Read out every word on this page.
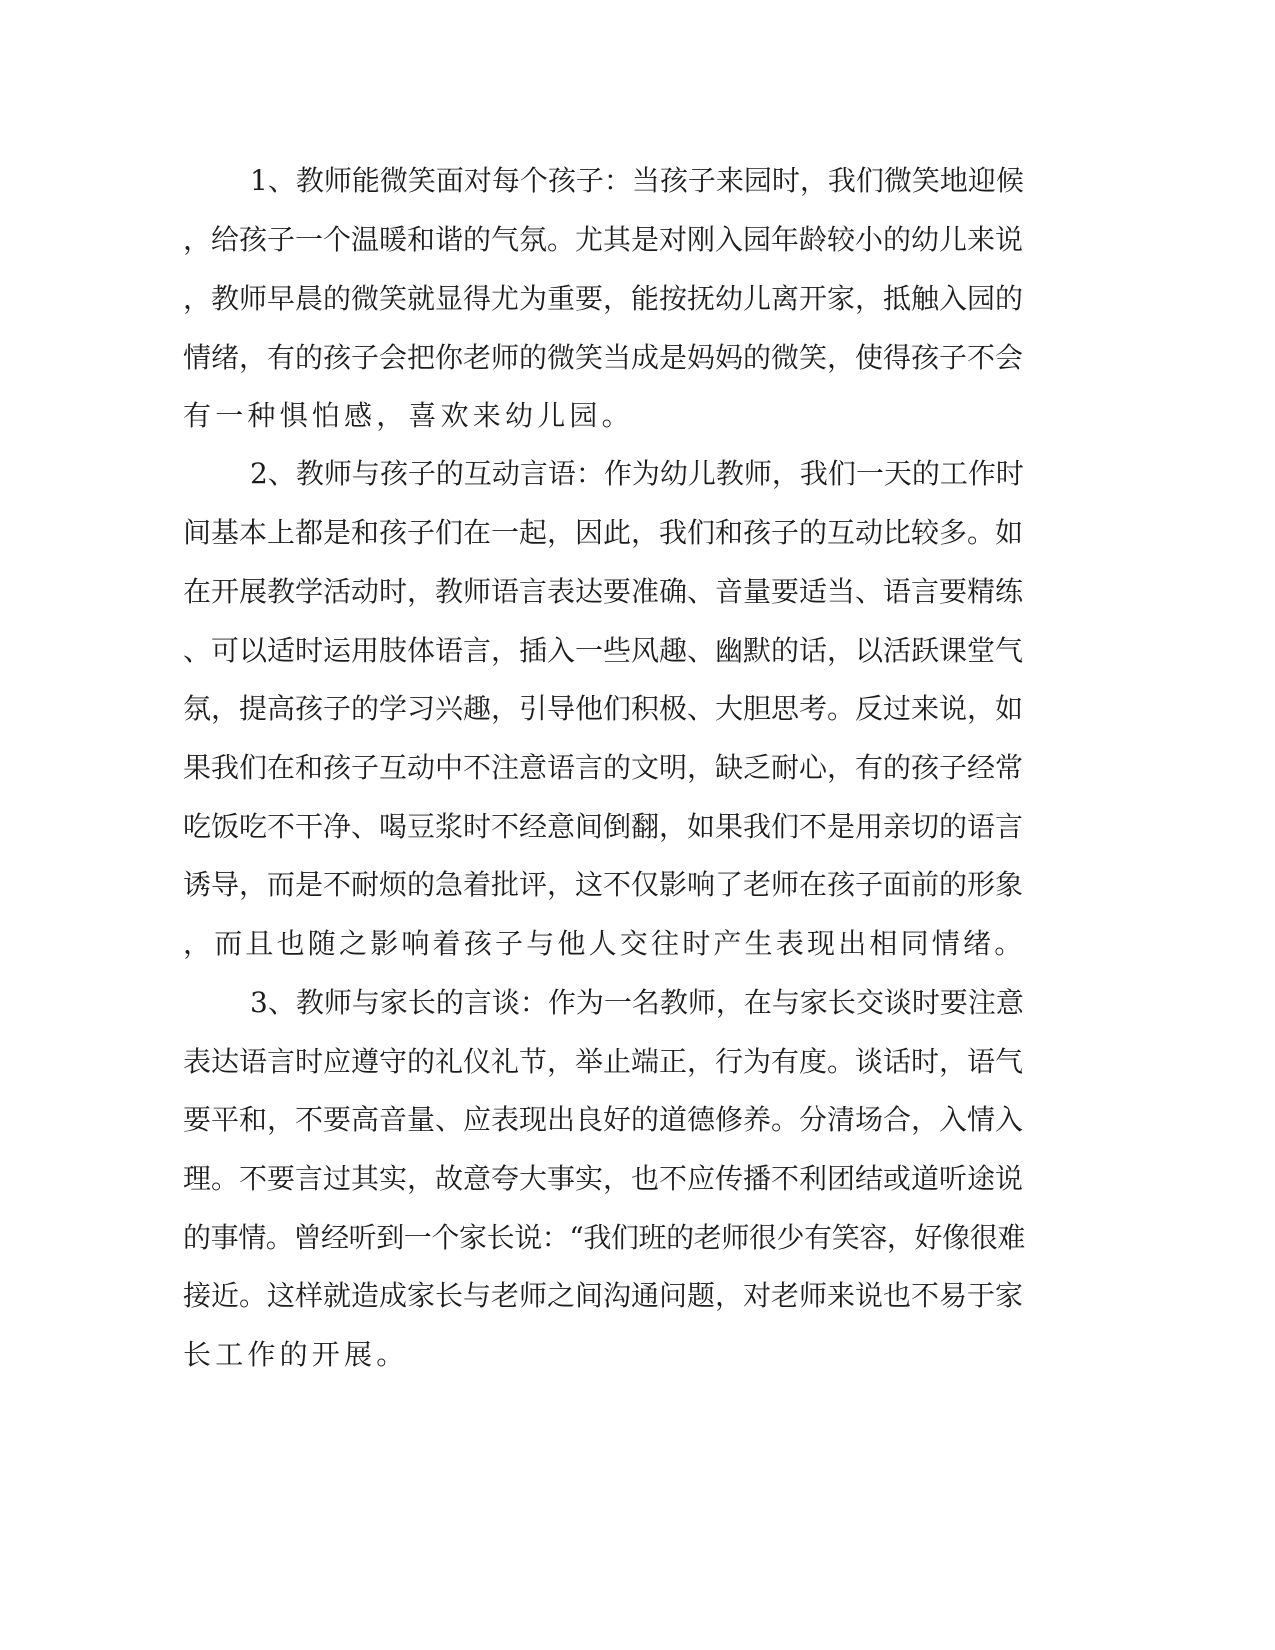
1、教师能微笑面对每个孩子：当孩子来园时，我们微笑地迎候
，给孩子一个温暖和谐的气氛。尤其是对刚入园年龄较小的幼儿来说
，教师早晨的微笑就显得尤为重要，能按抚幼儿离开家，抵触入园的
情绪，有的孩子会把你老师的微笑当成是妈妈的微笑，使得孩子不会
有一种惧怕感，喜欢来幼儿园。
2、教师与孩子的互动言语：作为幼儿教师，我们一天的工作时
间基本上都是和孩子们在一起，因此，我们和孩子的互动比较多。如
在开展教学活动时，教师语言表达要准确、音量要适当、语言要精练
、可以适时运用肢体语言，插入一些风趣、幽默的话，以活跃课堂气
氛，提高孩子的学习兴趣，引导他们积极、大胆思考。反过来说，如
果我们在和孩子互动中不注意语言的文明，缺乏耐心，有的孩子经常
吃饭吃不干净、喝豆浆时不经意间倒翻，如果我们不是用亲切的语言
诱导，而是不耐烦的急着批评，这不仅影响了老师在孩子面前的形象
，而且也随之影响着孩子与他人交往时产生表现出相同情绪。
3、教师与家长的言谈：作为一名教师，在与家长交谈时要注意
表达语言时应遵守的礼仪礼节，举止端正，行为有度。谈话时，语气
要平和，不要高音量、应表现出良好的道德修养。分清场合，入情入
理。不要言过其实，故意夸大事实，也不应传播不利团结或道听途说
的事情。曾经听到一个家长说：“我们班的老师很少有笑容，好像很难
接近。这样就造成家长与老师之间沟通问题，对老师来说也不易于家
长工作的开展。
